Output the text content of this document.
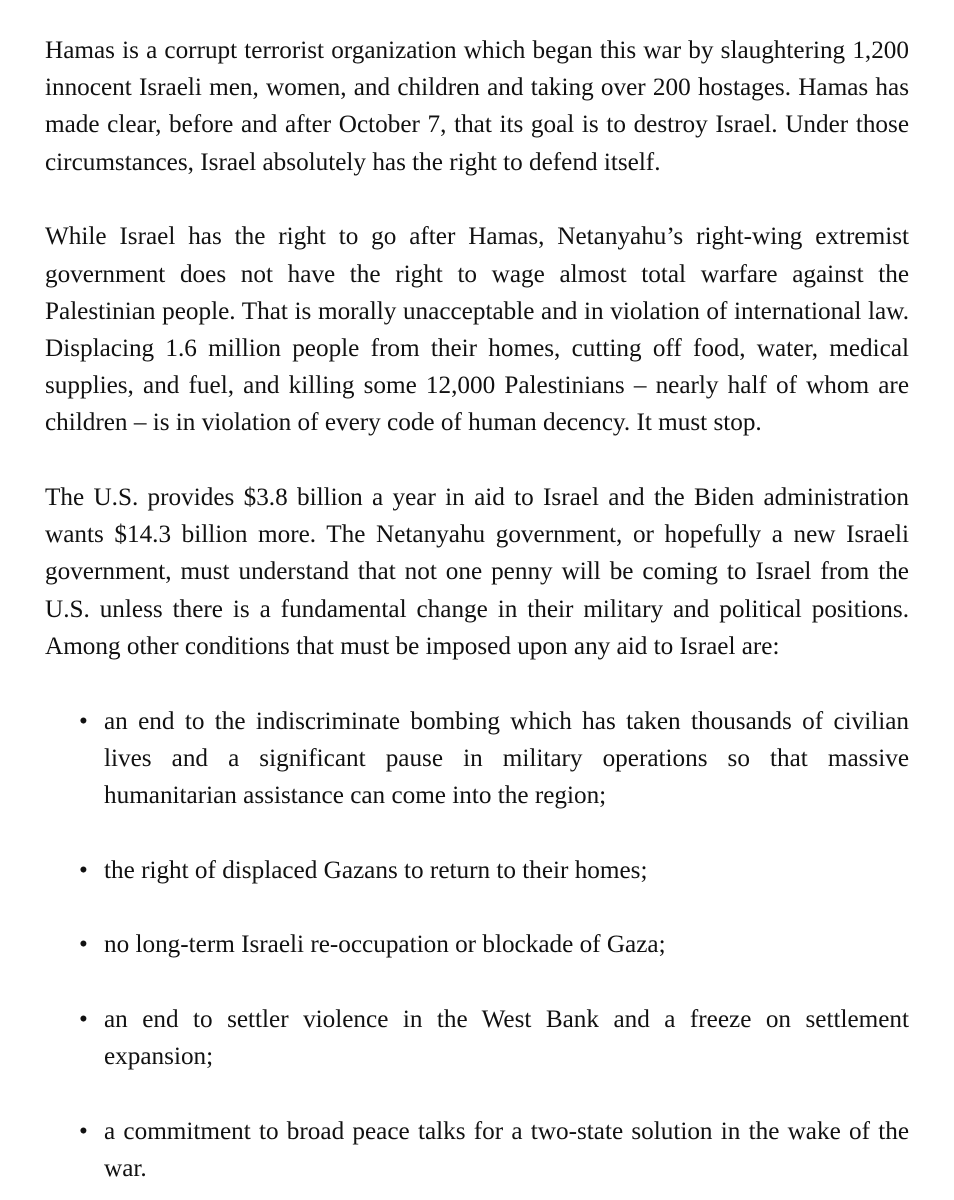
Hamas is a corrupt terrorist organization which began this war by slaughtering 1,200 innocent Israeli men, women, and children and taking over 200 hostages. Hamas has made clear, before and after October 7, that its goal is to destroy Israel. Under those circumstances, Israel absolutely has the right to defend itself.

While Israel has the right to go after Hamas, Netanyahu’s right-wing extremist government does not have the right to wage almost total warfare against the Palestinian people. That is morally unacceptable and in violation of international law. Displacing 1.6 million people from their homes, cutting off food, water, medical supplies, and fuel, and killing some 12,000 Palestinians – nearly half of whom are children – is in violation of every code of human decency. It must stop.

The U.S. provides $3.8 billion a year in aid to Israel and the Biden administration wants $14.3 billion more. The Netanyahu government, or hopefully a new Israeli government, must understand that not one penny will be coming to Israel from the U.S. unless there is a fundamental change in their military and political positions. Among other conditions that must be imposed upon any aid to Israel are:

• an end to the indiscriminate bombing which has taken thousands of civilian lives and a significant pause in military operations so that massive humanitarian assistance can come into the region;
• the right of displaced Gazans to return to their homes;
• no long-term Israeli re-occupation or blockade of Gaza;
• an end to settler violence in the West Bank and a freeze on settlement expansion;
• a commitment to broad peace talks for a two-state solution in the wake of the war.
